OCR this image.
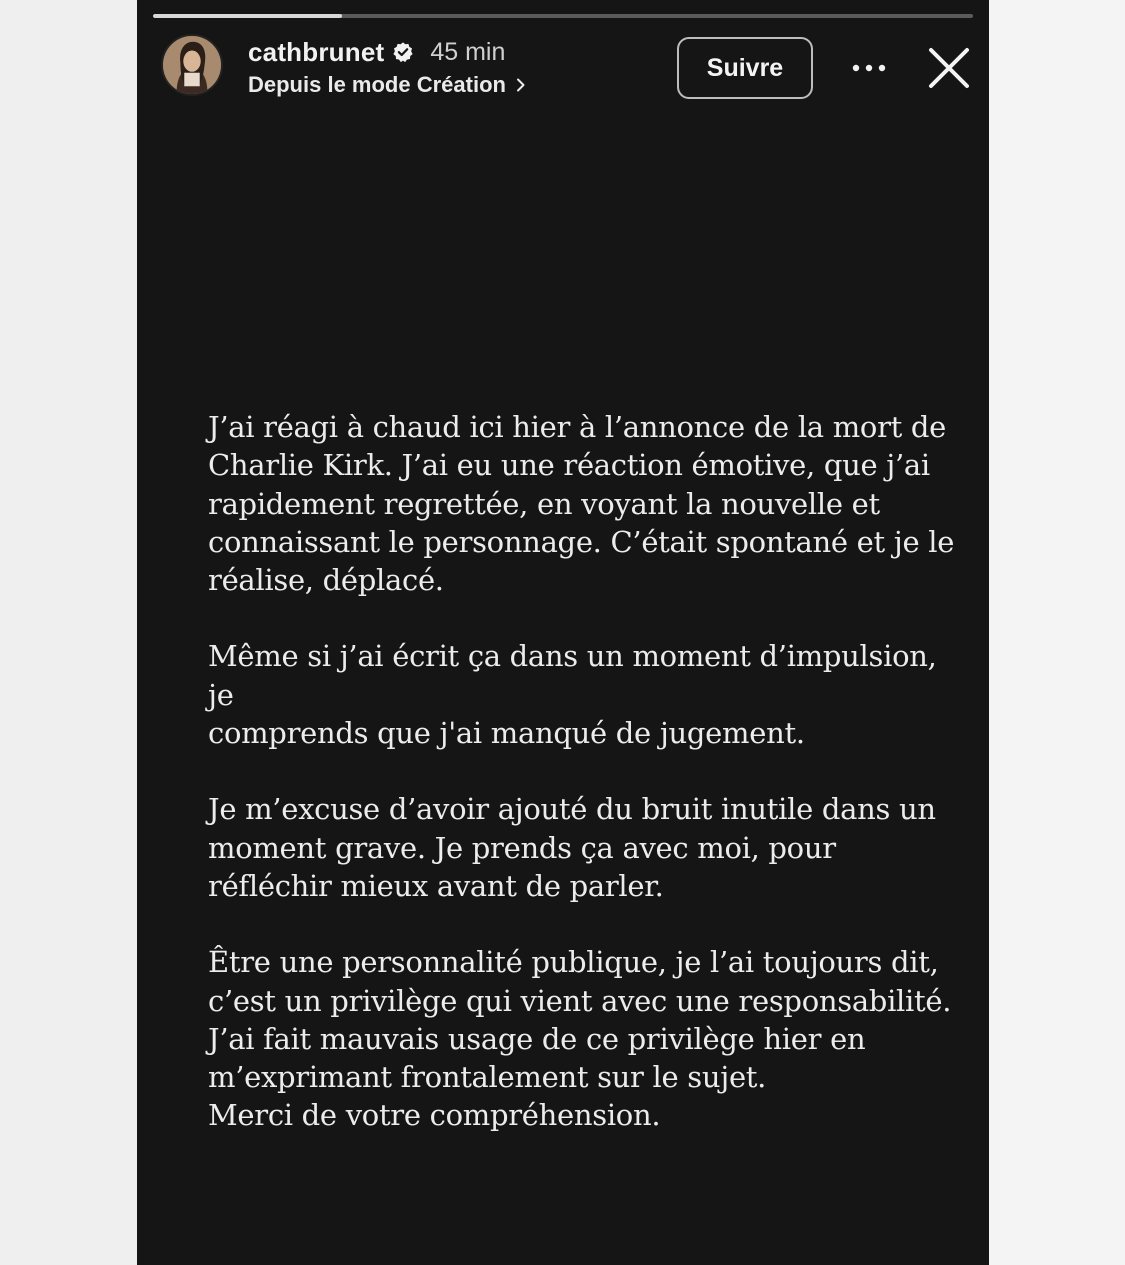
cathbrunet 45 min
Depuis le mode Création
Suivre

J’ai réagi à chaud ici hier à l’annonce de la mort de
Charlie Kirk. J’ai eu une réaction émotive, que j’ai
rapidement regrettée, en voyant la nouvelle et
connaissant le personnage. C’était spontané et je le
réalise, déplacé.

Même si j’ai écrit ça dans un moment d’impulsion, je
comprends que j'ai manqué de jugement.

Je m’excuse d’avoir ajouté du bruit inutile dans un
moment grave. Je prends ça avec moi, pour
réfléchir mieux avant de parler.

Être une personnalité publique, je l’ai toujours dit,
c’est un privilège qui vient avec une responsabilité.
J’ai fait mauvais usage de ce privilège hier en
m’exprimant frontalement sur le sujet.
Merci de votre compréhension.
